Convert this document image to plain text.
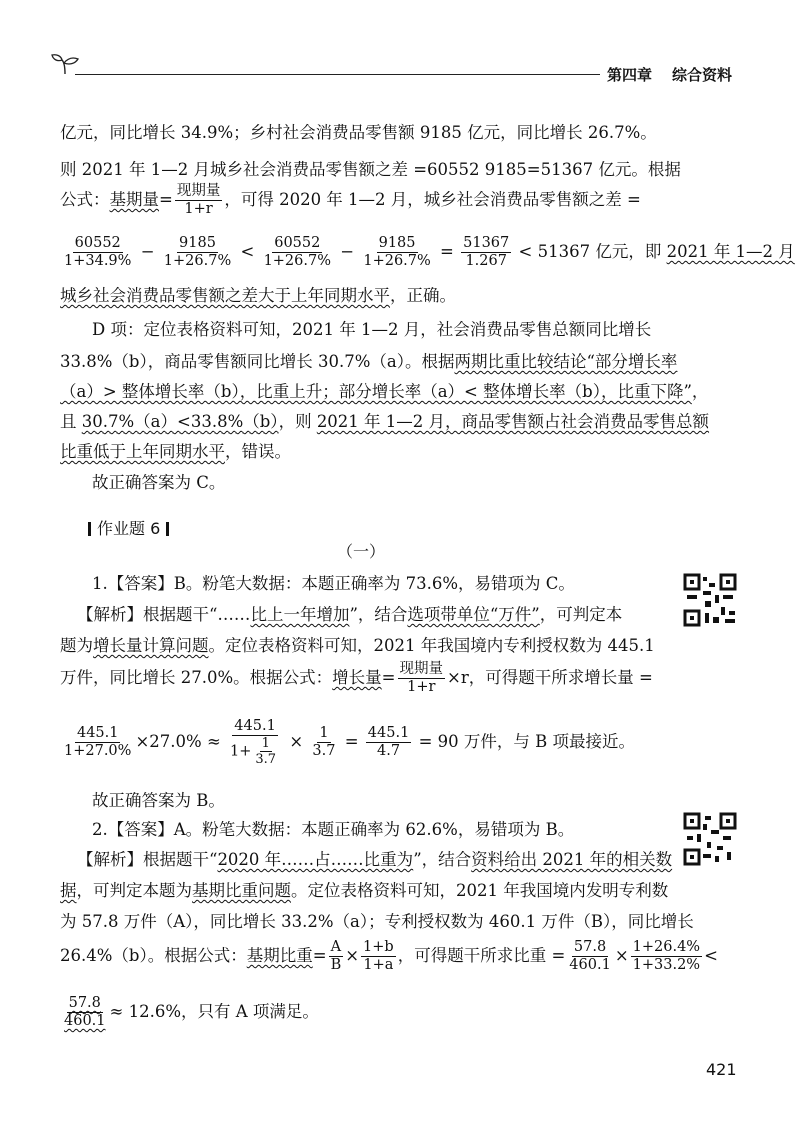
第四章 综合资料
亿元，同比增长 34.9%；乡村社会消费品零售额 9185 亿元，同比增长 26.7%。
则 2021 年 1—2 月城乡社会消费品零售额之差 =60552 9185=51367 亿元。根据
公式：基期量= $\frac{\text{现期量}}{1+r}$ ，可得 2020 年 1—2 月，城乡社会消费品零售额之差 =
$\frac{60552}{1+34.9\%} - \frac{9185}{1+26.7\%} < \frac{60552}{1+26.7\%} - \frac{9185}{1+26.7\%} = \frac{51367}{1.267} < 51367$ 亿元，即 2021 年 1—2 月
城乡社会消费品零售额之差大于上年同期水平，正确。
D 项：定位表格资料可知，2021 年 1—2 月，社会消费品零售总额同比增长
33.8%（b），商品零售额同比增长 30.7%（a）。根据两期比重比较结论“部分增长率
（a）> 整体增长率（b），比重上升；部分增长率（a）< 整体增长率（b），比重下降”，
且 30.7%（a）<33.8%（b），则 2021 年 1—2 月，商品零售额占社会消费品零售总额
比重低于上年同期水平，错误。
故正确答案为 C。
作业题 6
（一）
1.【答案】B。粉笔大数据：本题正确率为 73.6%，易错项为 C。
【解析】根据题干“……比上一年增加”，结合选项带单位“万件”，可判定本
题为增长量计算问题。定位表格资料可知，2021 年我国境内专利授权数为 445.1
万件，同比增长 27.0%。根据公式：增长量= $\frac{\text{现期量}}{1+r} \times r$，可得题干所求增长量 =
$\frac{445.1}{1+27.0\%} \times 27.0\% \approx \frac{445.1}{1+ \frac{1}{3.7}} \times \frac{1}{3.7} = \frac{445.1}{4.7} = 90$ 万件，与 B 项最接近。
故正确答案为 B。
2.【答案】A。粉笔大数据：本题正确率为 62.6%，易错项为 B。
【解析】根据题干“2020 年……占……比重为”，结合资料给出 2021 年的相关数
据，可判定本题为基期比重问题。定位表格资料可知，2021 年我国境内发明专利数
为 57.8 万件（A），同比增长 33.2%（a）；专利授权数为 460.1 万件（B），同比增长
26.4%（b）。根据公式：基期比重= $\frac{A}{B} \times \frac{1+b}{1+a}$ ，可得题干所求比重 = $\frac{57.8}{460.1} \times \frac{1+26.4\%}{1+33.2\%}$ <
$\frac{57.8}{460.1} \approx 12.6\%$，只有 A 项满足。
421
